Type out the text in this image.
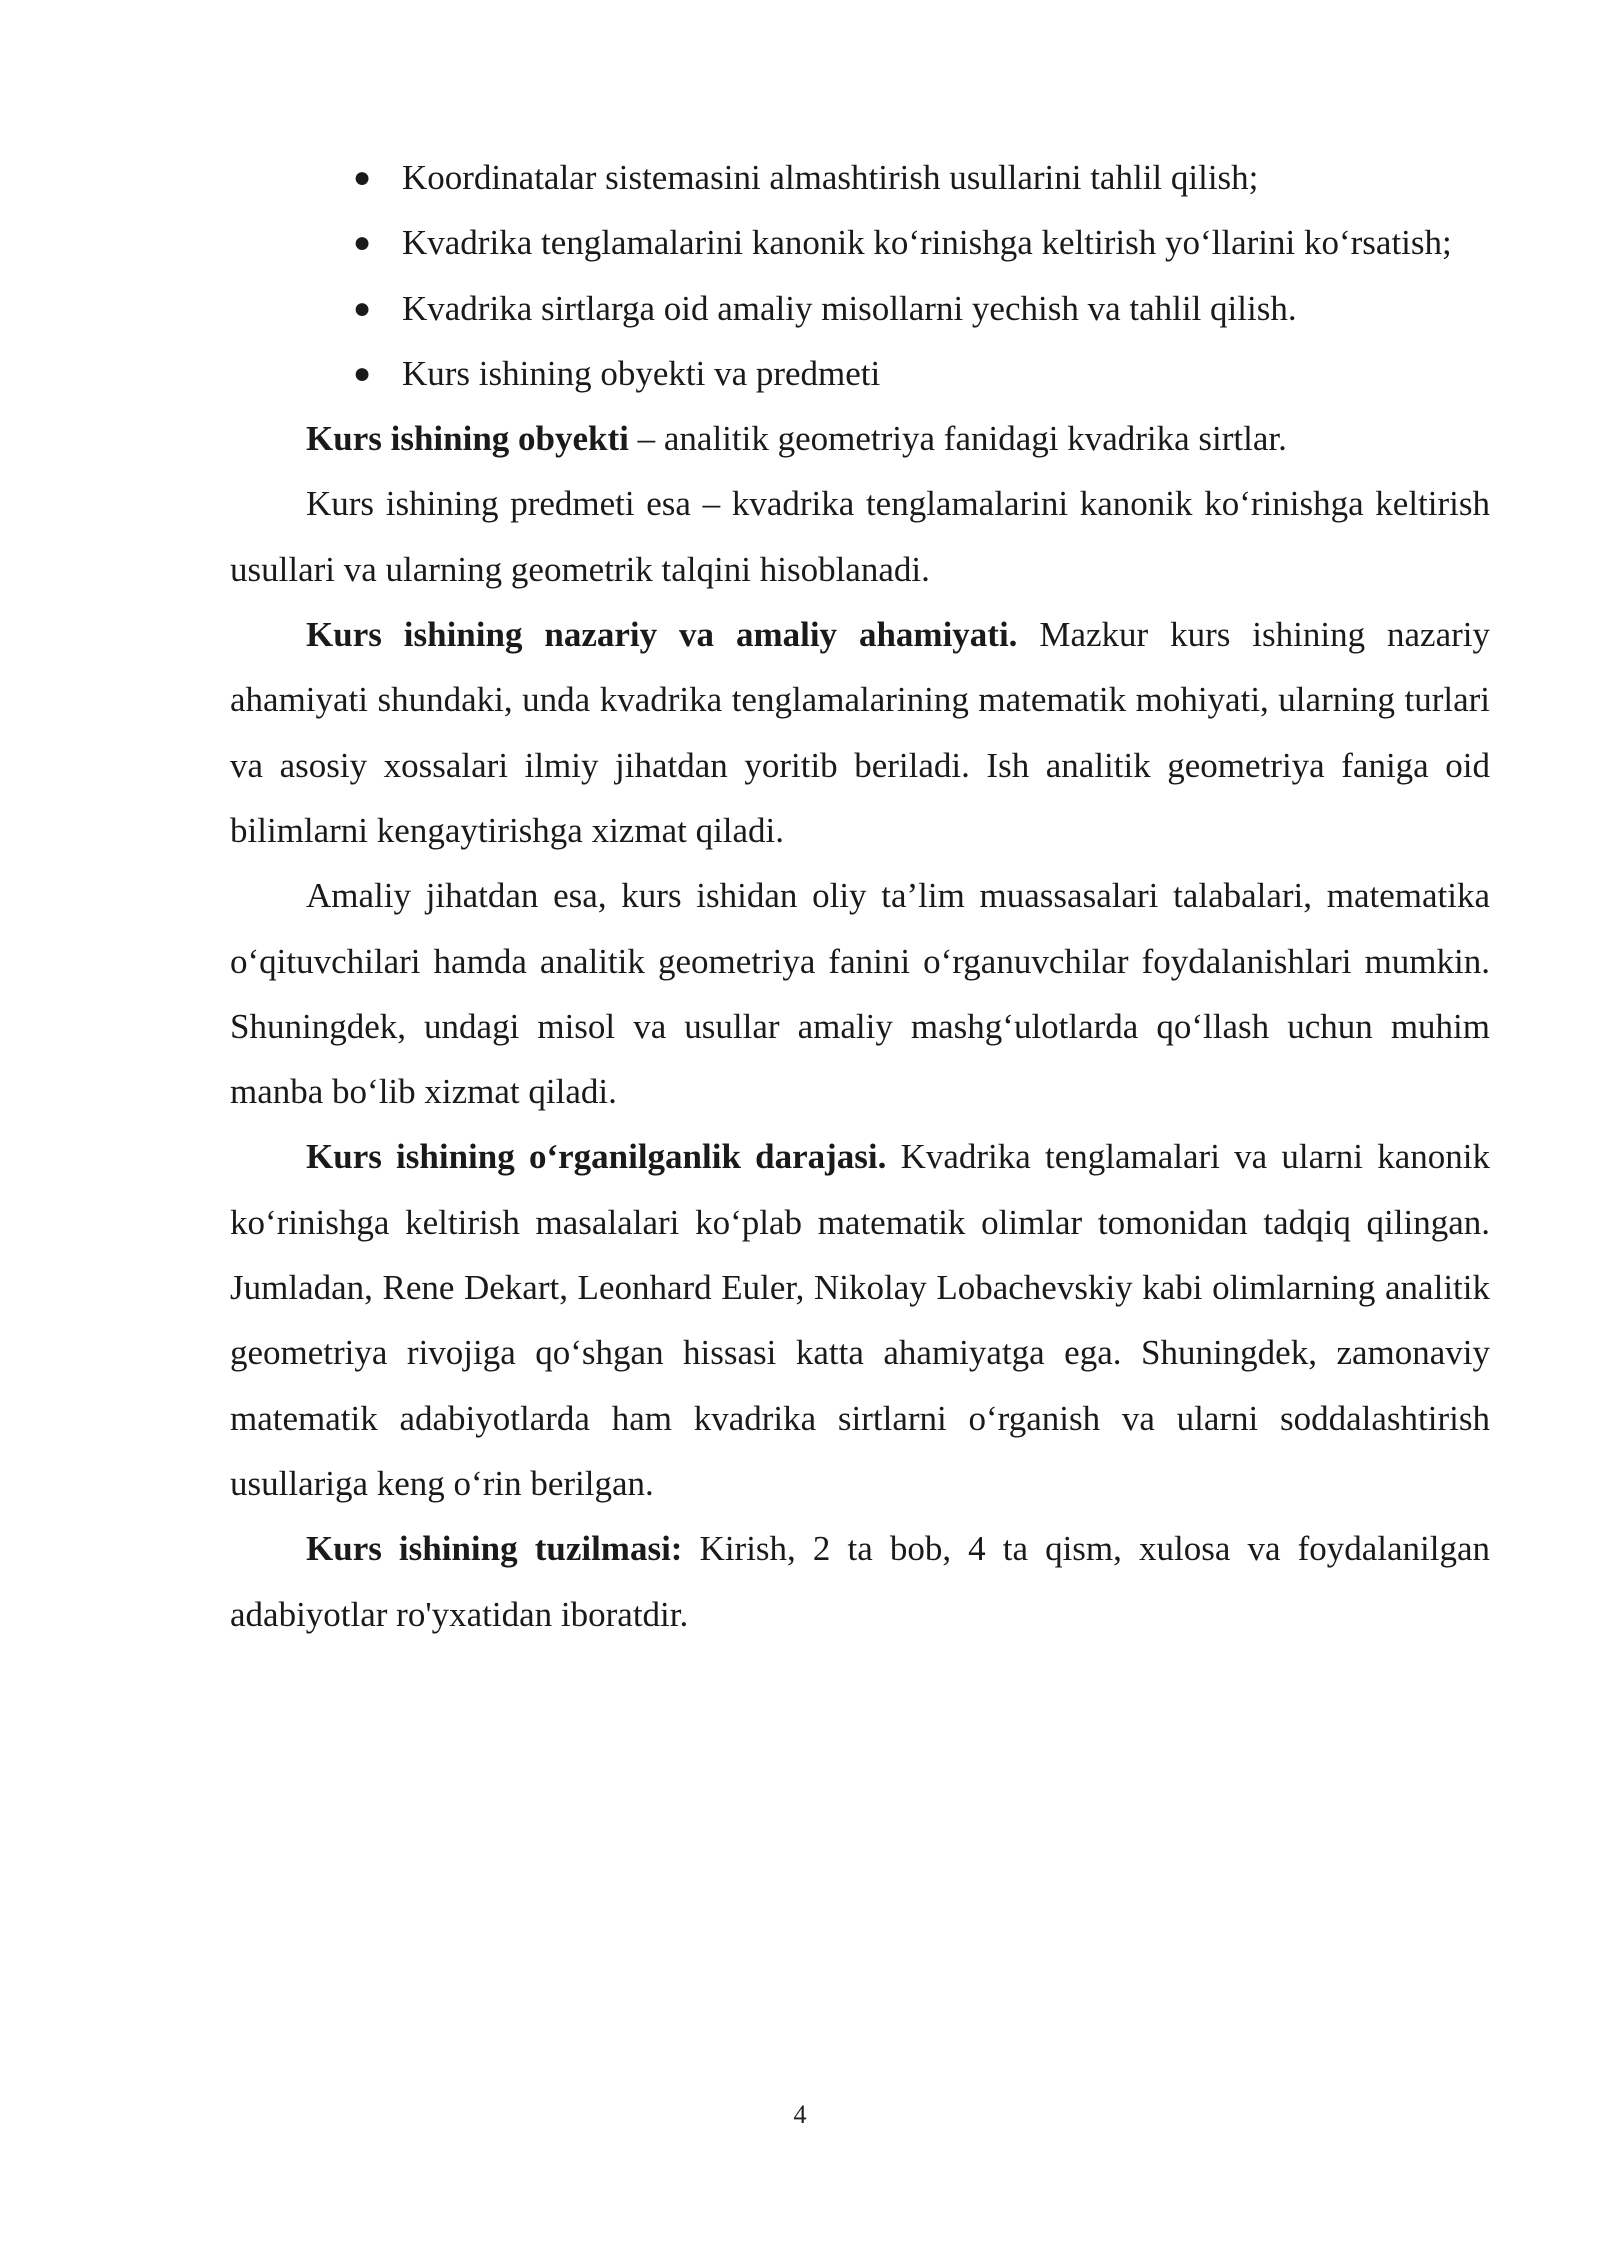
● Koordinatalar sistemasini almashtirish usullarini tahlil qilish;
● Kvadrika tenglamalarini kanonik ko‘rinishga keltirish yo‘llarini ko‘rsatish;
● Kvadrika sirtlarga oid amaliy misollarni yechish va tahlil qilish.
● Kurs ishining obyekti va predmeti

Kurs ishining obyekti – analitik geometriya fanidagi kvadrika sirtlar.

Kurs ishining predmeti esa – kvadrika tenglamalarini kanonik ko‘rinishga keltirish usullari va ularning geometrik talqini hisoblanadi.

Kurs ishining nazariy va amaliy ahamiyati. Mazkur kurs ishining nazariy ahamiyati shundaki, unda kvadrika tenglamalarining matematik mohiyati, ularning turlari va asosiy xossalari ilmiy jihatdan yoritib beriladi. Ish analitik geometriya faniga oid bilimlarni kengaytirishga xizmat qiladi.

Amaliy jihatdan esa, kurs ishidan oliy ta’lim muassasalari talabalari, matematika o‘qituvchilari hamda analitik geometriya fanini o‘rganuvchilar foydalanishlari mumkin. Shuningdek, undagi misol va usullar amaliy mashg‘ulotlarda qo‘llash uchun muhim manba bo‘lib xizmat qiladi.

Kurs ishining o‘rganilganlik darajasi. Kvadrika tenglamalari va ularni kanonik ko‘rinishga keltirish masalalari ko‘plab matematik olimlar tomonidan tadqiq qilingan. Jumladan, Rene Dekart, Leonhard Euler, Nikolay Lobachevskiy kabi olimlarning analitik geometriya rivojiga qo‘shgan hissasi katta ahamiyatga ega. Shuningdek, zamonaviy matematik adabiyotlarda ham kvadrika sirtlarni o‘rganish va ularni soddalashtirish usullariga keng o‘rin berilgan.

Kurs ishining tuzilmasi: Kirish, 2 ta bob, 4 ta qism, xulosa va foydalanilgan adabiyotlar ro'yxatidan iboratdir.

4
